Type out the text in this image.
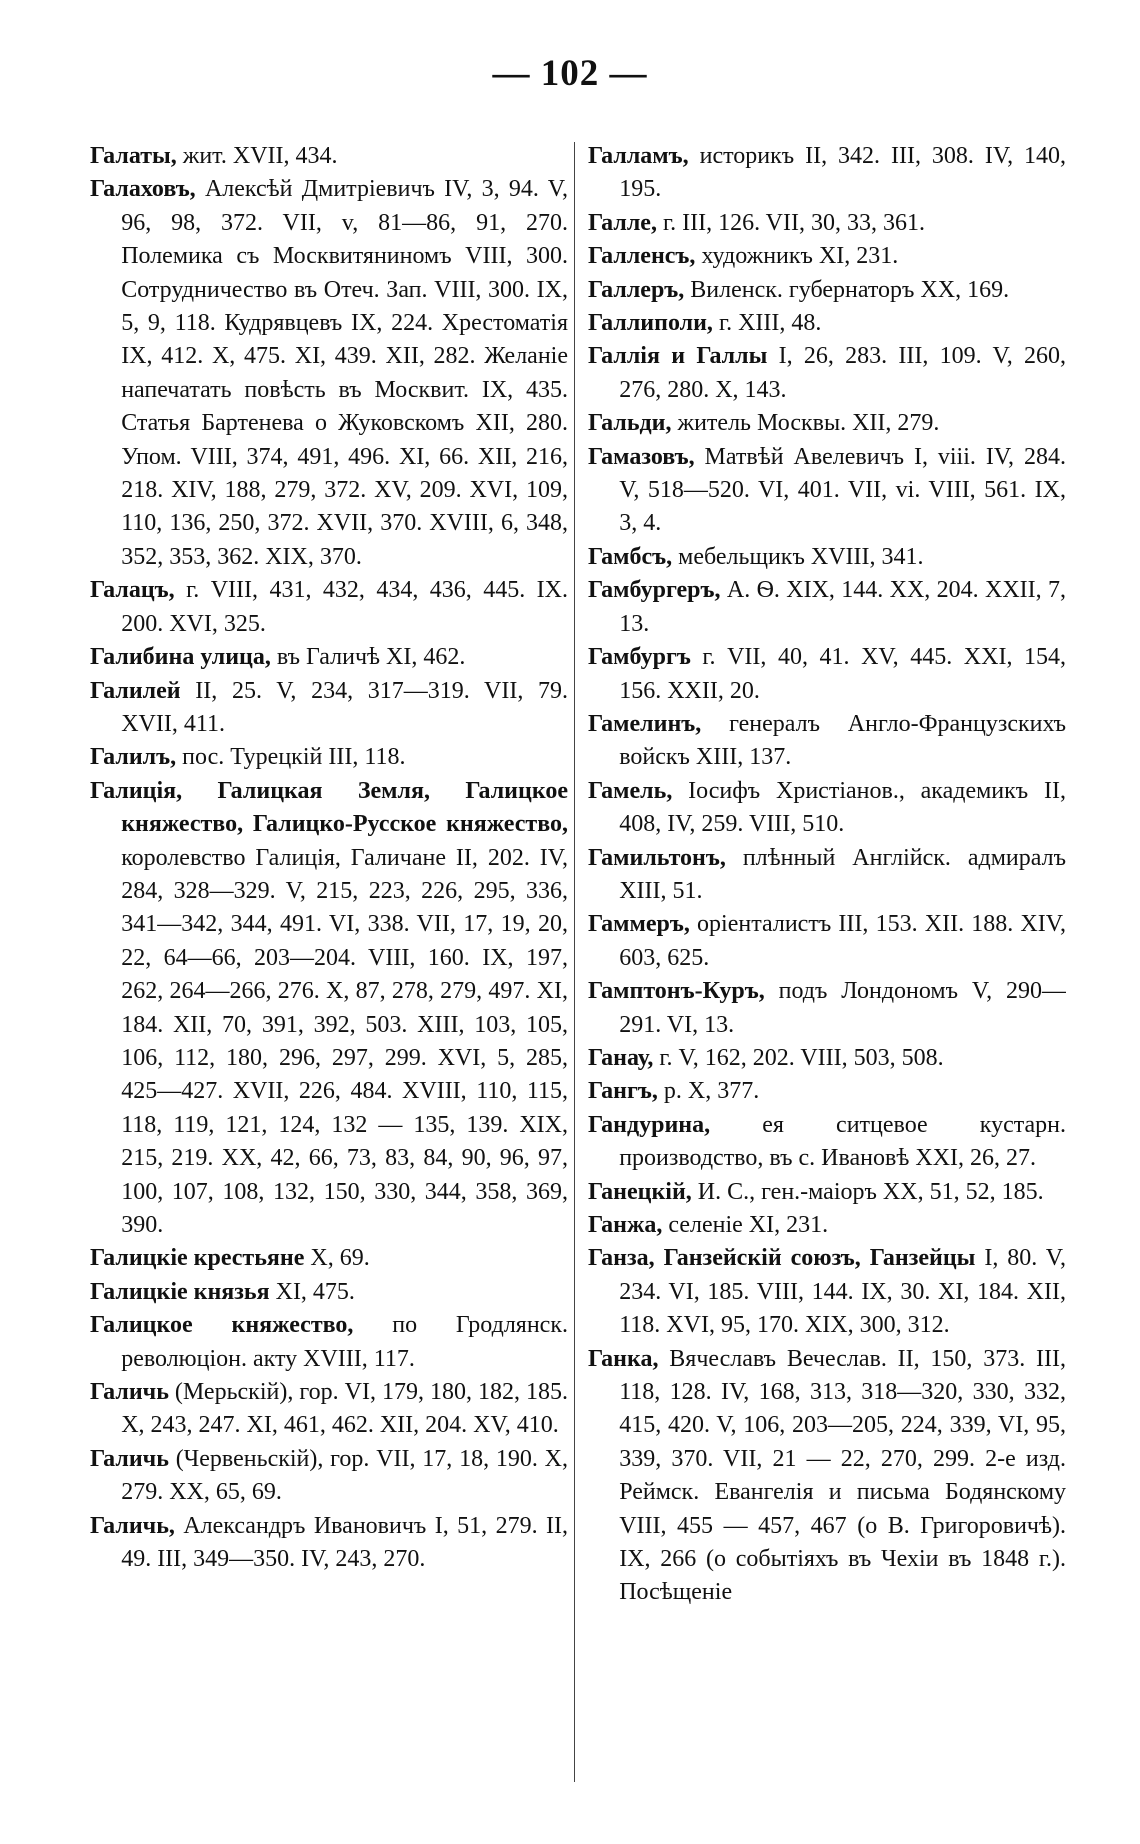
— 102 —

Галаты, жит. XVII, 434.

Галаховъ, Алексѣй Дмитріевичъ IV, 3, 94. V, 96, 98, 372. VII, v, 81—86, 91, 270. Полемика съ Москвитяниномъ VIII, 300. Сотрудничество въ Отеч. Зап. VIII, 300. IX, 5, 9, 118. Кудрявцевъ IX, 224. Хрестоматія IX, 412. X, 475. XI, 439. XII, 282. Желаніе напечатать повѣсть въ Москвит. IX, 435. Статья Бартенева о Жуковскомъ XII, 280. Упом. VIII, 374, 491, 496. XI, 66. XII, 216, 218. XIV, 188, 279, 372. XV, 209. XVI, 109, 110, 136, 250, 372. XVII, 370. XVIII, 6, 348, 352, 353, 362. XIX, 370.

Галацъ, г. VIII, 431, 432, 434, 436, 445. IX. 200. XVI, 325.

Галибина улица, въ Галичѣ XI, 462.

Галилей II, 25. V, 234, 317—319. VII, 79. XVII, 411.

Галилъ, пос. Турецкій III, 118.

Галиція, Галицкая Земля, Галицкое княжество, Галицко-Русское княжество, королевство Галиція, Галичане II, 202. IV, 284, 328—329. V, 215, 223, 226, 295, 336, 341—342, 344, 491. VI, 338. VII, 17, 19, 20, 22, 64—66, 203—204. VIII, 160. IX, 197, 262, 264—266, 276. X, 87, 278, 279, 497. XI, 184. XII, 70, 391, 392, 503. XIII, 103, 105, 106, 112, 180, 296, 297, 299. XVI, 5, 285, 425—427. XVII, 226, 484. XVIII, 110, 115, 118, 119, 121, 124, 132 — 135, 139. XIX, 215, 219. XX, 42, 66, 73, 83, 84, 90, 96, 97, 100, 107, 108, 132, 150, 330, 344, 358, 369, 390.

Галицкіе крестьяне X, 69.

Галицкіе князья XI, 475.

Галицкое княжество, по Гродлянск. революціон. акту XVIII, 117.

Галичь (Мерьскій), гор. VI, 179, 180, 182, 185. X, 243, 247. XI, 461, 462. XII, 204. XV, 410.

Галичь (Червеньскій), гор. VII, 17, 18, 190. X, 279. XX, 65, 69.

Галичь, Александръ Ивановичъ I, 51, 279. II, 49. III, 349—350. IV, 243, 270.

Галламъ, историкъ II, 342. III, 308. IV, 140, 195.

Галле, г. III, 126. VII, 30, 33, 361.

Галленсъ, художникъ XI, 231.

Галлеръ, Виленск. губернаторъ XX, 169.

Галлиполи, г. XIII, 48.

Галлія и Галлы I, 26, 283. III, 109. V, 260, 276, 280. X, 143.

Гальди, житель Москвы. XII, 279.

Гамазовъ, Матвѣй Авелевичъ I, viii. IV, 284. V, 518—520. VI, 401. VII, vi. VIII, 561. IX, 3, 4.

Гамбсъ, мебельщикъ XVIII, 341.

Гамбургеръ, А. Ѳ. XIX, 144. XX, 204. XXII, 7, 13.

Гамбургъ г. VII, 40, 41. XV, 445. XXI, 154, 156. XXII, 20.

Гамелинъ, генералъ Англо-Французскихъ войскъ XIII, 137.

Гамель, Іосифъ Христіанов., академикъ II, 408, IV, 259. VIII, 510.

Гамильтонъ, плѣнный Англійск. адмиралъ XIII, 51.

Гаммеръ, оріенталистъ III, 153. XII. 188. XIV, 603, 625.

Гамптонъ-Куръ, подъ Лондономъ V, 290—291. VI, 13.

Ганау, г. V, 162, 202. VIII, 503, 508.

Гангъ, р. X, 377.

Гандурина, ея ситцевое кустарн. производство, въ с. Ивановѣ XXI, 26, 27.

Ганецкій, И. С., ген.-маіоръ XX, 51, 52, 185.

Ганжа, селеніе XI, 231.

Ганза, Ганзейскій союзъ, Ганзейцы I, 80. V, 234. VI, 185. VIII, 144. IX, 30. XI, 184. XII, 118. XVI, 95, 170. XIX, 300, 312.

Ганка, Вячеславъ Вечеслав. II, 150, 373. III, 118, 128. IV, 168, 313, 318—320, 330, 332, 415, 420. V, 106, 203—205, 224, 339, VI, 95, 339, 370. VII, 21 — 22, 270, 299. 2-е изд. Реймск. Евангелія и письма Бодянскому VIII, 455 — 457, 467 (о В. Григоровичѣ). IX, 266 (о событіяхъ въ Чехіи въ 1848 г.). Посѣщеніе
